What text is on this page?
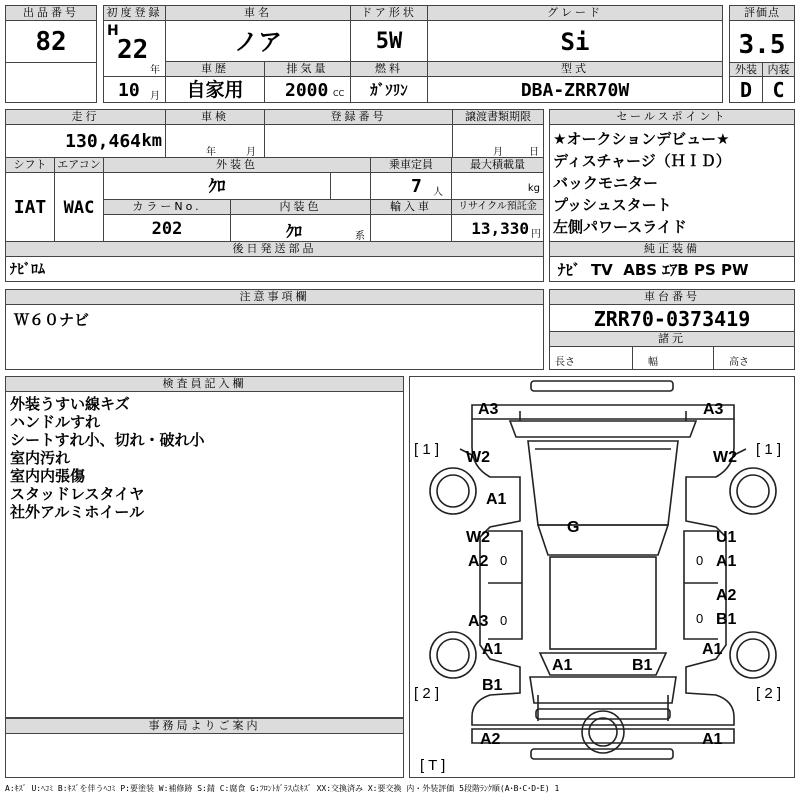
出品番号
82
初度登録
H
22
年
10 月
車名
ノア
ドア形状
5W
グレード
Si
評価点
3.5
外装 内装
D	C
車歴
自家用
排気量
2000 CC
燃料
ｶﾞｿﾘﾝ
型式
DBA-ZRR70W
走行
130,464 km
車検
年	月
登録番号	譲渡書類期限
月	日
シフト
IAT
エアコン
WAC
外装色
ｸﾛ
乗車定員
7 人
最大積載量
kg
カラーNo.
202
内装色
ｸﾛ	系
輸入車	リサイクル預託金
13,330 円
後日発送部品
ﾅﾋﾞﾛﾑ
セールスポイント
★オークションデビュー★
ディスチャージ（ＨＩＤ）
バックモニター
プッシュスタート
左側パワースライド
純正装備
ﾅﾋﾞ  TV  ABS ｴｱB PS PW
注意事項欄
Ｗ６０ナビ
車台番号
ZRR70-0373419
諸元
長さ	幅	高さ
検査員記入欄
外装うすい線キズ
ハンドルすれ
シートすれ小、切れ・破れ小
室内汚れ
室内内張傷
スタッドレスタイヤ
社外アルミホイール
事務局よりご案内
[ 1 ]	[ 1 ]
[ 2 ]	[ 2 ]
[ T ]
A3	A3
W2	W2
A1
G
W2
A2 0
U1
0 A1
A2
0 B1
A3 0
A1	A1
A1	B1
B1
A2	A1
A:ｷｽﾞ U:ﾍｺﾐ B:ｷｽﾞを伴うﾍｺﾐ P:要塗装 W:補修跡 S:錆 C:腐食 G:ﾌﾛﾝﾄｶﾞﾗｽ点ｷｽﾞ XX:交換済み X:要交換 内・外装評価 5段階ﾗﾝｸ順(A･B･C･D･E) 1
